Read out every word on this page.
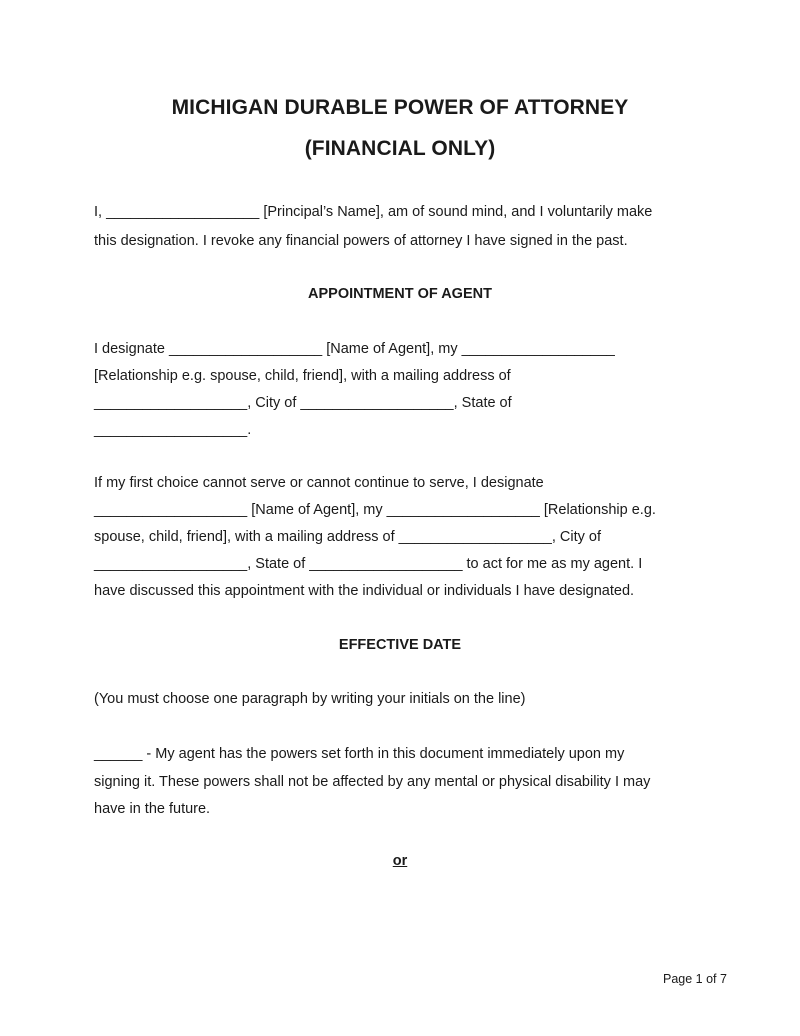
MICHIGAN DURABLE POWER OF ATTORNEY
(FINANCIAL ONLY)
I, ___________________ [Principal’s Name], am of sound mind, and I voluntarily make
this designation. I revoke any financial powers of attorney I have signed in the past.
APPOINTMENT OF AGENT
I designate ___________________ [Name of Agent], my ___________________
[Relationship e.g. spouse, child, friend], with a mailing address of
___________________, City of ___________________, State of
___________________.
If my first choice cannot serve or cannot continue to serve, I designate
___________________ [Name of Agent], my ___________________ [Relationship e.g.
spouse, child, friend], with a mailing address of ___________________, City of
___________________, State of ___________________ to act for me as my agent. I
have discussed this appointment with the individual or individuals I have designated.
EFFECTIVE DATE
(You must choose one paragraph by writing your initials on the line)
______ - My agent has the powers set forth in this document immediately upon my
signing it. These powers shall not be affected by any mental or physical disability I may
have in the future.
or
Page 1 of 7
